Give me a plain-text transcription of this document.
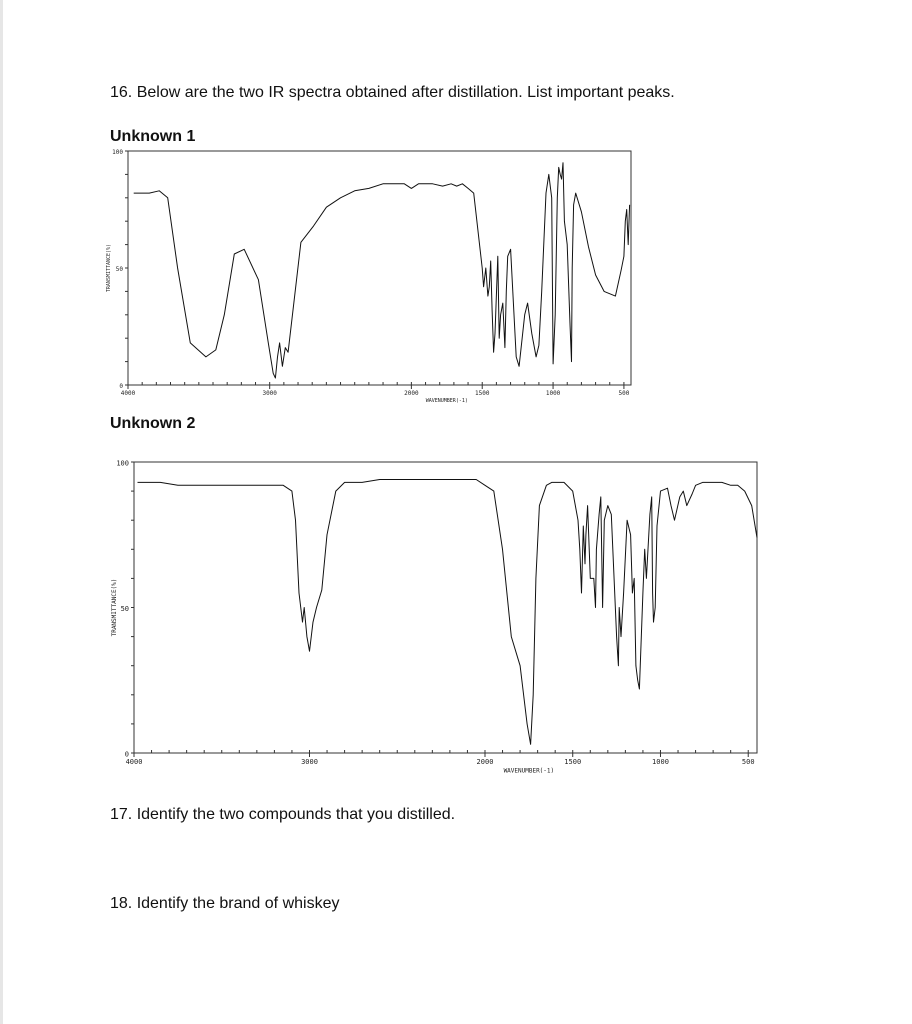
16. Below are the two IR spectra obtained after distillation. List important peaks.
Unknown 1
4000	3000	2000	1500	1000	500
0
50
100
WAVENUMBER(-1)
TRANSMITTANCE(%)
Unknown 2
4000	3000	2000	1500	1000	500
0
50
100
WAVENUMBER(-1)
TRANSMITTANCE(%)
17. Identify the two compounds that you distilled.
18. Identify the brand of whiskey
